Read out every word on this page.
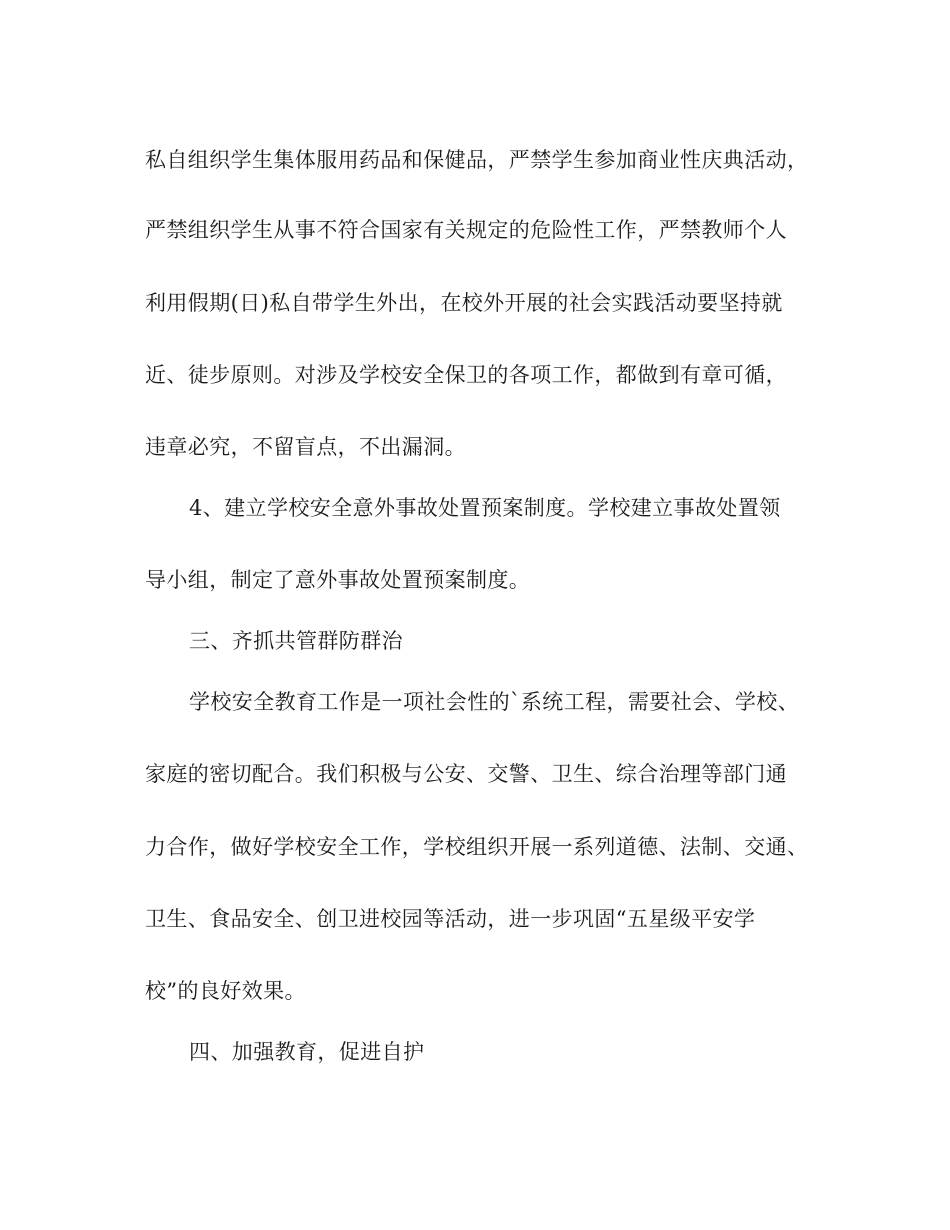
私自组织学生集体服用药品和保健品，严禁学生参加商业性庆典活动，
严禁组织学生从事不符合国家有关规定的危险性工作，严禁教师个人
利用假期(日)私自带学生外出，在校外开展的社会实践活动要坚持就
近、徒步原则。对涉及学校安全保卫的各项工作，都做到有章可循，
违章必究，不留盲点，不出漏洞。
4、建立学校安全意外事故处置预案制度。学校建立事故处置领
导小组，制定了意外事故处置预案制度。
三、齐抓共管群防群治
学校安全教育工作是一项社会性的`系统工程，需要社会、学校、
家庭的密切配合。我们积极与公安、交警、卫生、综合治理等部门通
力合作，做好学校安全工作，学校组织开展一系列道德、法制、交通、
卫生、食品安全、创卫进校园等活动，进一步巩固“五星级平安学
校”的良好效果。
四、加强教育，促进自护
